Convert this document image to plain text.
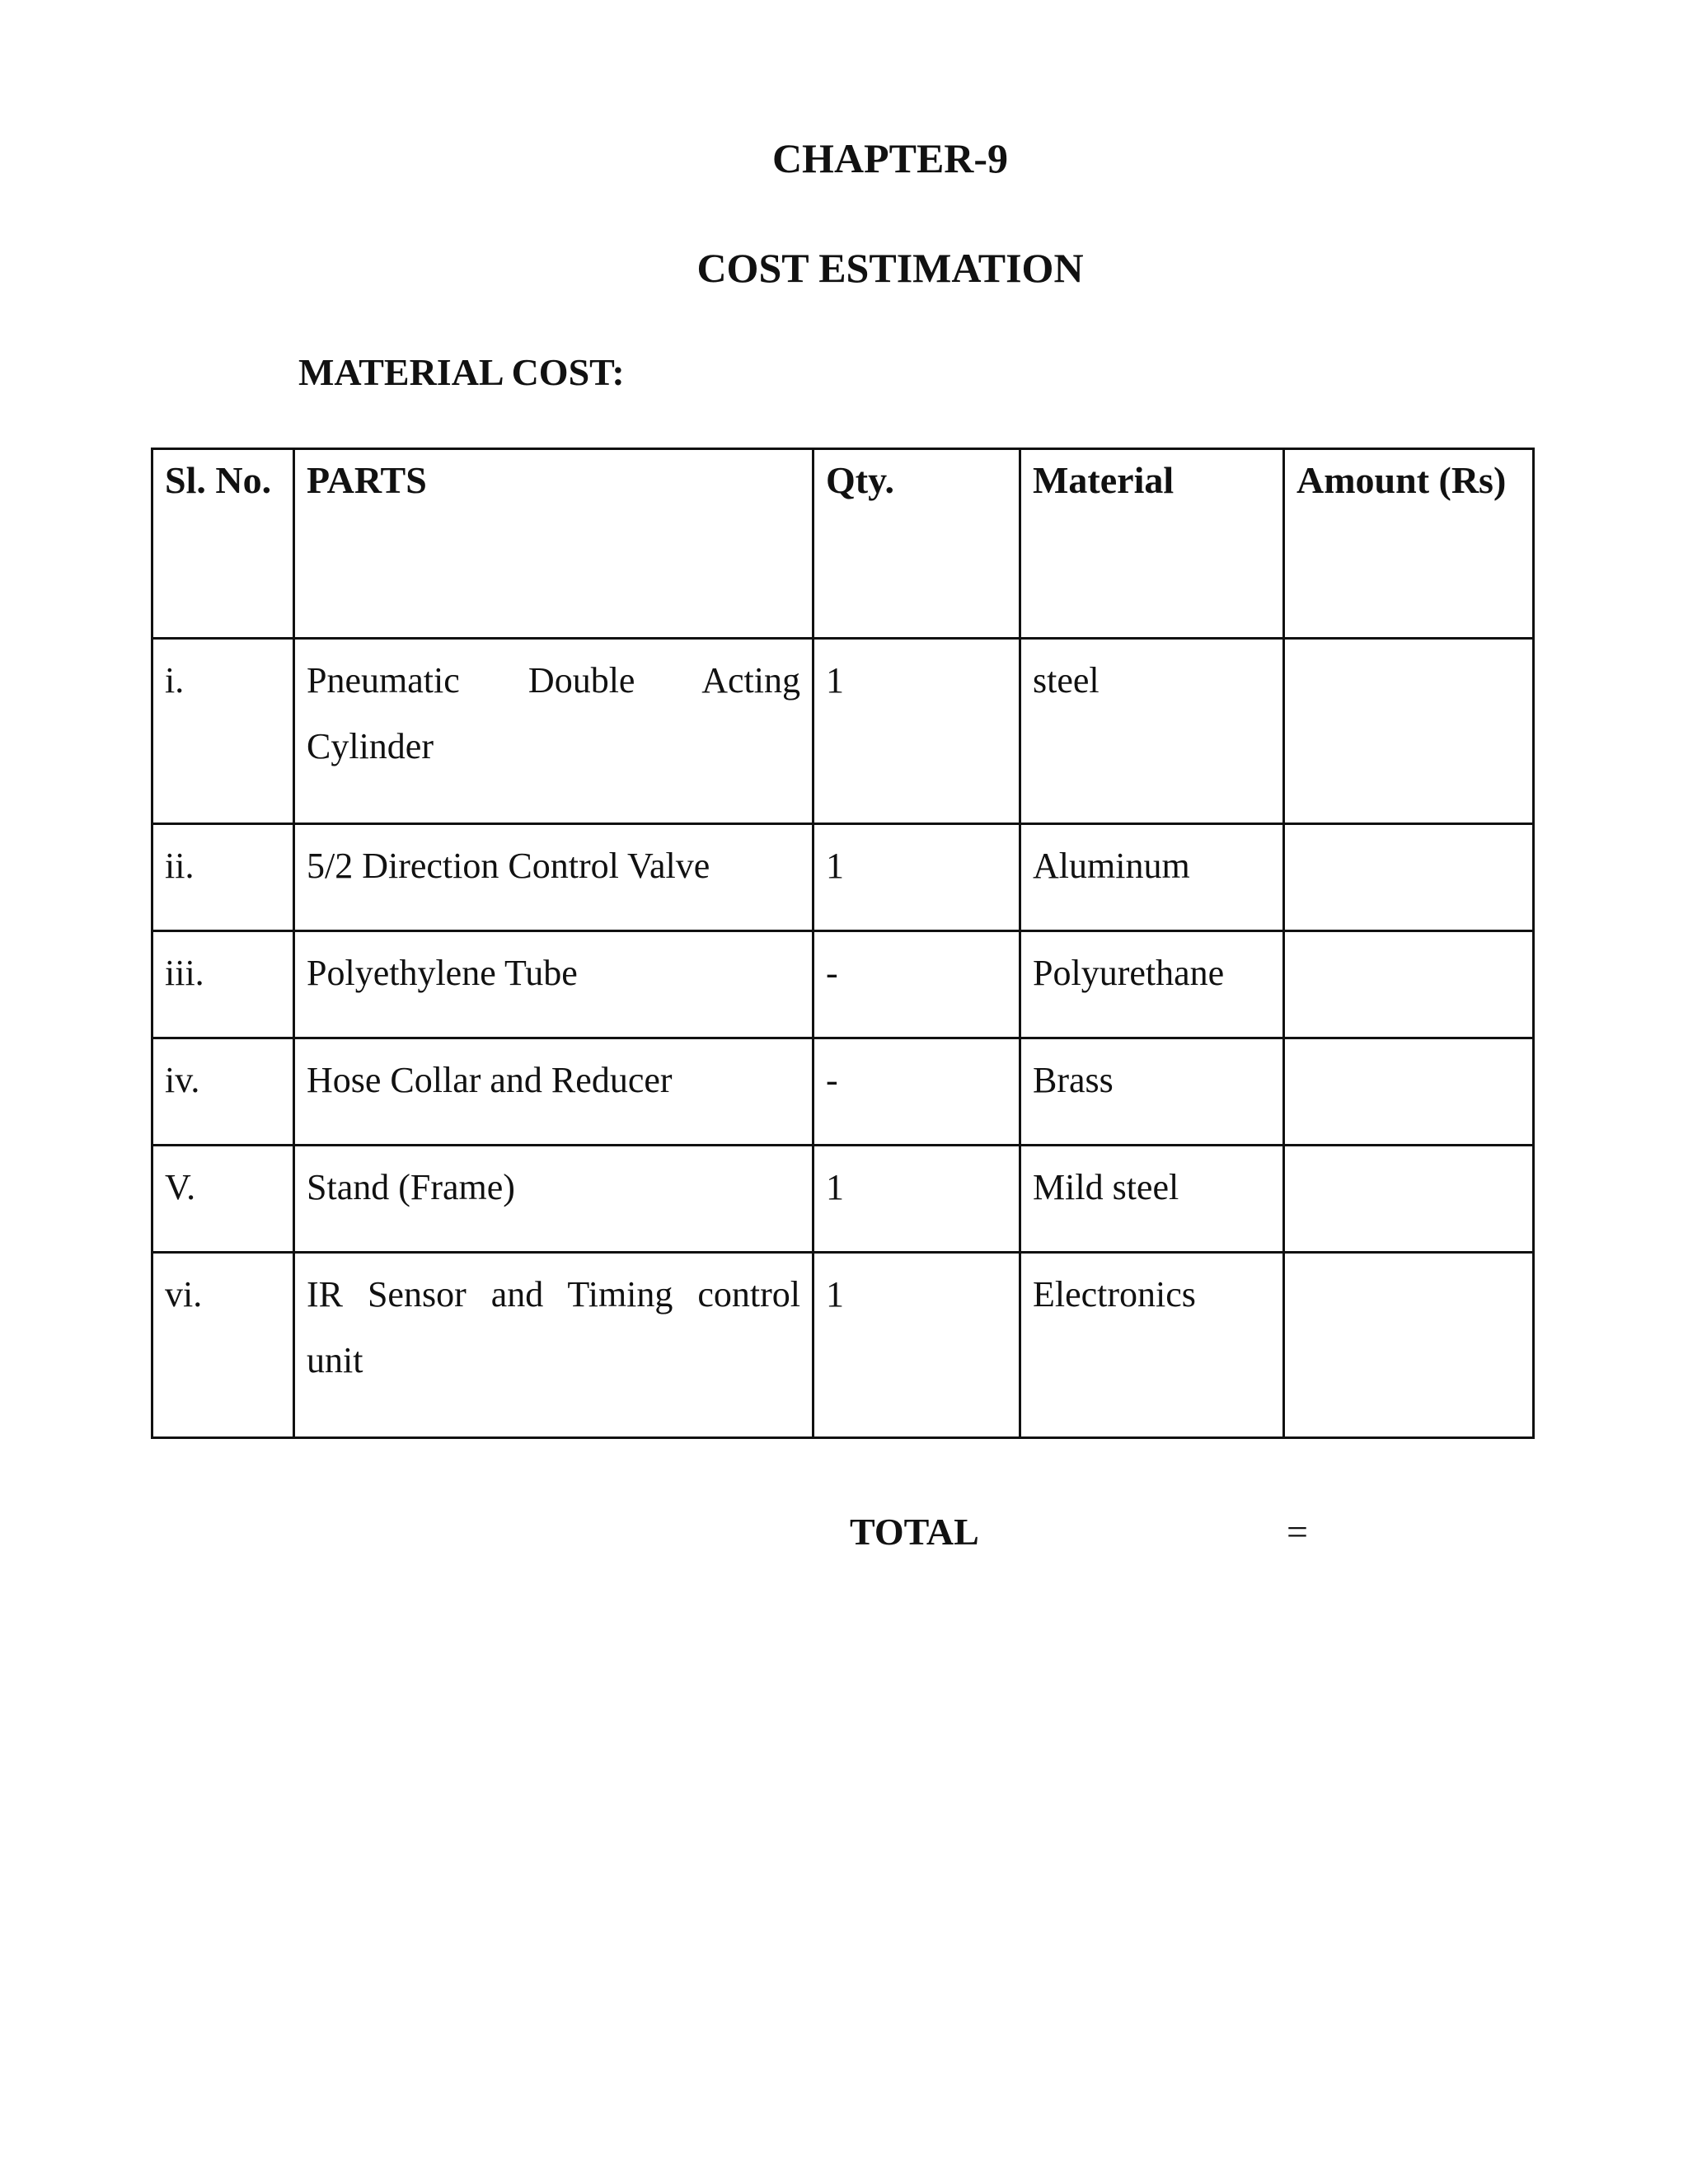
CHAPTER-9
COST ESTIMATION
MATERIAL COST:
Sl. No.	PARTS	Qty.	Material	Amount (Rs)
i.	Pneumatic Double Acting Cylinder	1	steel	
ii.	5/2 Direction Control Valve	1	Aluminum	
iii.	Polyethylene Tube	-	Polyurethane	
iv.	Hose Collar and Reducer	-	Brass	
V.	Stand (Frame)	1	Mild steel	
vi.	IR Sensor and Timing control unit	1	Electronics	
TOTAL	=
